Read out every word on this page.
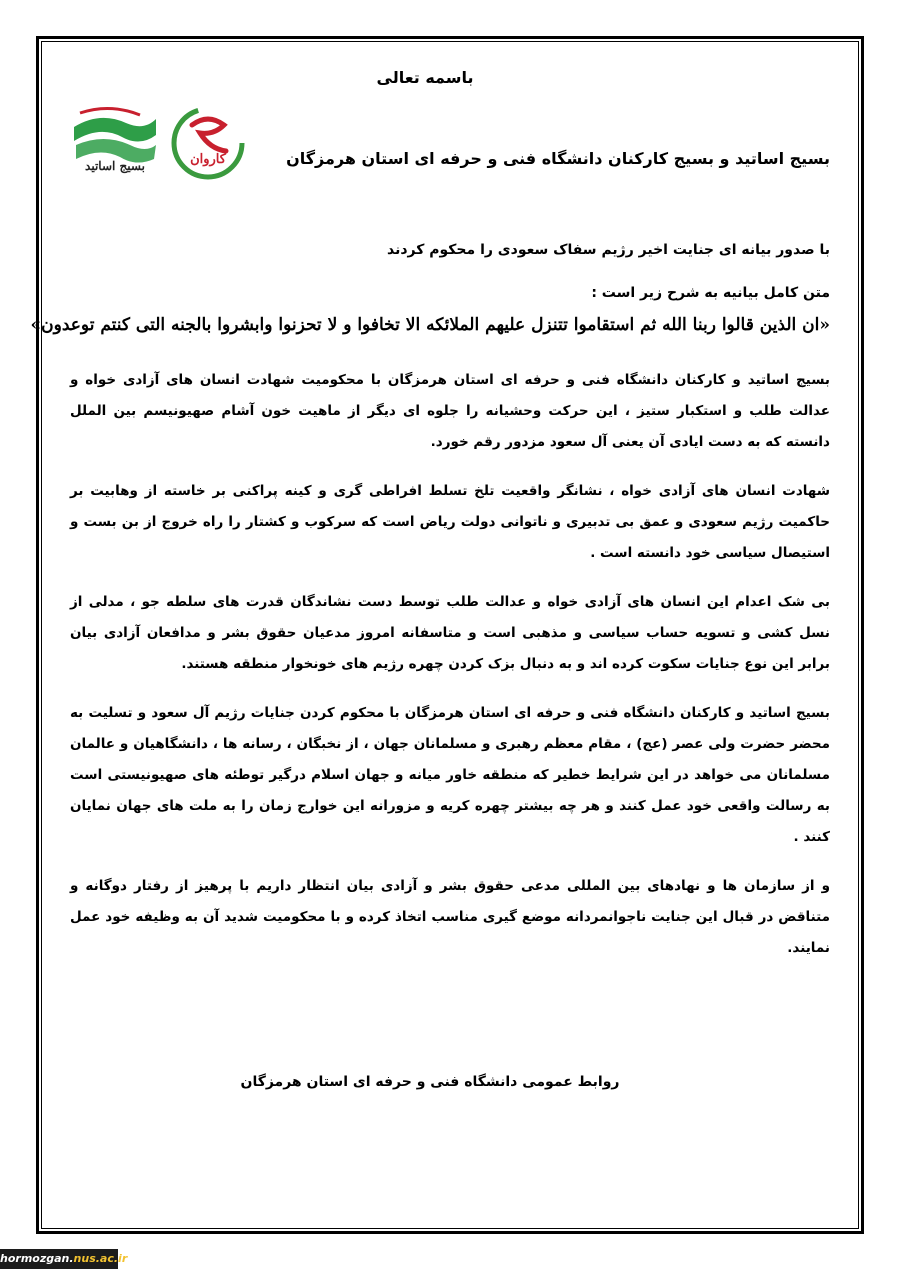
باسمه تعالی
بسیج اساتید و بسیج کارکنان دانشگاه فنی و حرفه ای استان هرمزگان
بسیج اساتید	کاروان
با صدور بیانه ای جنایت اخیر رژیم سفاک سعودی را محکوم کردند
متن کامل بیانیه به شرح زیر است :
«ان الذین قالوا ربنا الله ثم استقاموا تتنزل علیهم الملائکه الا تخافوا و لا تحزنوا وابشروا بالجنه التی کنتم توعدون»
بسیج اساتید و کارکنان دانشگاه فنی و حرفه ای استان هرمزگان با محکومیت شهادت انسان های آزادی خواه و عدالت طلب و استکبار ستیز ، این حرکت وحشیانه را جلوه ای دیگر از ماهیت خون آشام صهیونیسم بین الملل دانسته که به دست ایادی آن یعنی آل سعود مزدور رقم خورد.
شهادت انسان های آزادی خواه ، نشانگر واقعیت تلخ تسلط افراطی گری و کینه پراکنی بر خاسته از وهابیت بر حاکمیت رژیم سعودی و عمق بی تدبیری و ناتوانی دولت ریاض است که سرکوب و کشتار را راه خروج از بن بست و استیصال سیاسی خود دانسته است .
بی شک اعدام این انسان های آزادی خواه و عدالت طلب توسط دست نشاندگان قدرت های سلطه جو ، مدلی از نسل کشی و تسویه حساب سیاسی و مذهبی است و متاسفانه امروز مدعیان حقوق بشر و مدافعان آزادی بیان برابر این نوع جنایات سکوت کرده اند و به دنبال بزک کردن چهره رژیم های خونخوار منطقه هستند.
بسیج اساتید و کارکنان دانشگاه فنی و حرفه ای استان هرمزگان با محکوم کردن جنایات رژیم آل سعود و تسلیت به محضر حضرت ولی عصر (عج) ، مقام معظم رهبری و مسلمانان جهان ، از نخبگان ، رسانه ها ، دانشگاهیان و عالمان مسلمانان می خواهد در این شرایط خطیر که منطقه خاور میانه و جهان اسلام درگیر توطئه های صهیونیستی است به رسالت واقعی خود عمل کنند و هر چه بیشتر چهره کریه و مزورانه این خوارج زمان را به ملت های جهان نمایان کنند .
و از سازمان ها و نهادهای بین المللی مدعی حقوق بشر و آزادی بیان انتظار داریم با پرهیز از رفتار دوگانه و متناقض در قبال این جنایت ناجوانمردانه موضع گیری مناسب اتخاذ کرده و با محکومیت شدید آن به وظیفه خود عمل نمایند.
روابط عمومی دانشگاه فنی و حرفه ای استان هرمزگان
hormozgan.nus.ac.ir
